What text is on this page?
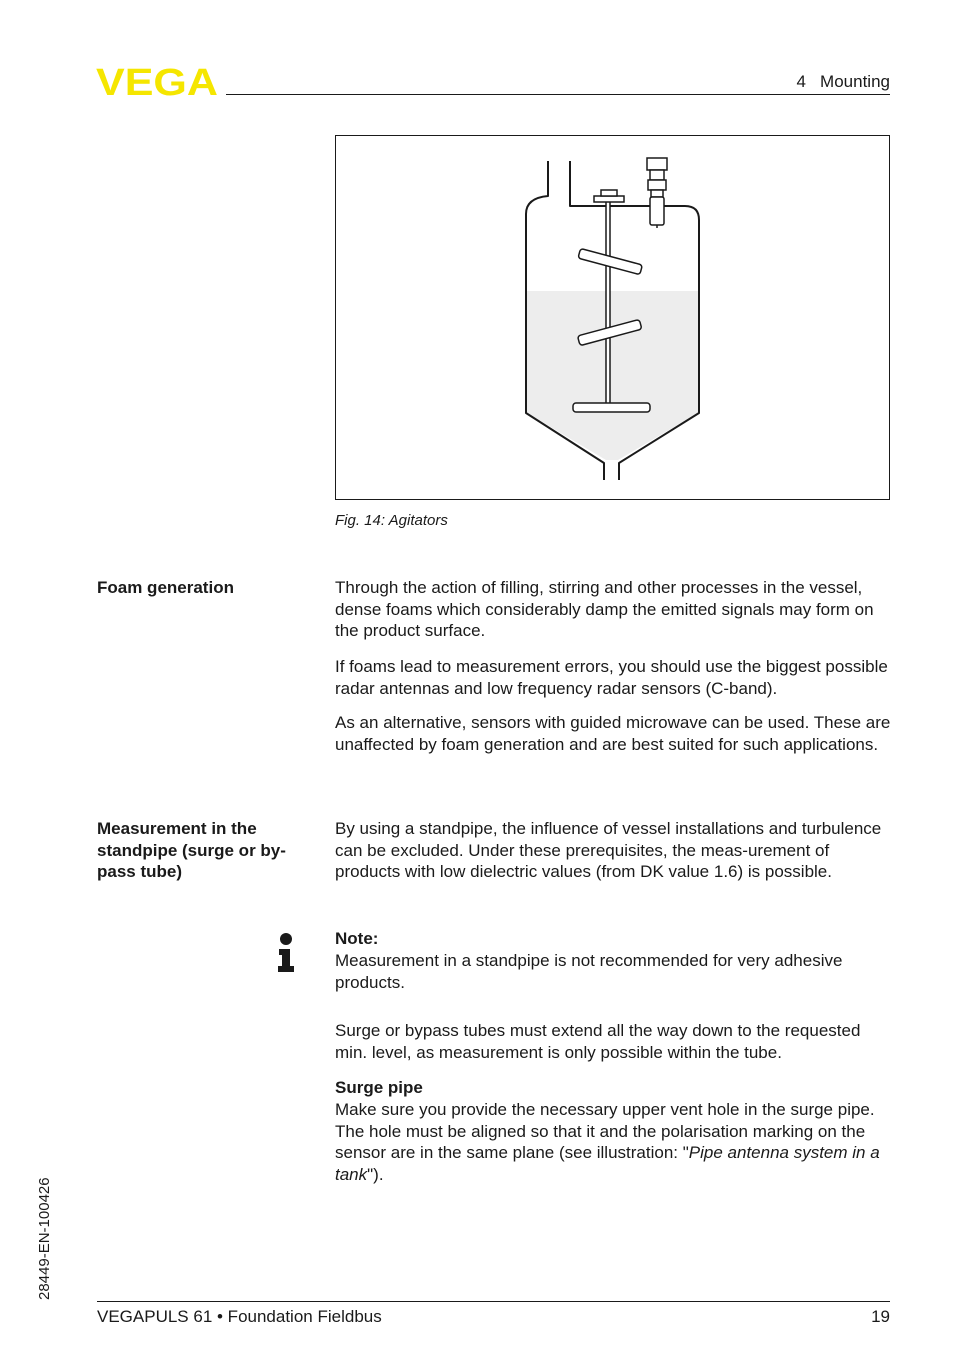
VEGA	4   Mounting
Fig. 14: Agitators
Foam generation	Through the action of filling, stirring and other processes in the vessel, dense foams which considerably damp the emitted signals may form on the product surface.
If foams lead to measurement errors, you should use the biggest possible radar antennas and low frequency radar sensors (C-band).
As an alternative, sensors with guided microwave can be used. These are unaffected by foam generation and are best suited for such applications.
Measurement in the standpipe (surge or by-pass tube)
By using a standpipe, the influence of vessel installations and turbulence can be excluded. Under these prerequisites, the meas-urement of products with low dielectric values (from DK value 1.6) is possible.
Note:
Measurement in a standpipe is not recommended for very adhesive products.
Surge or bypass tubes must extend all the way down to the requested min. level, as measurement is only possible within the tube.
Surge pipe
Make sure you provide the necessary upper vent hole in the surge pipe. The hole must be aligned so that it and the polarisation marking on the sensor are in the same plane (see illustration: "Pipe antenna system in a tank").
28449-EN-100426
VEGAPULS 61 • Foundation Fieldbus	19
